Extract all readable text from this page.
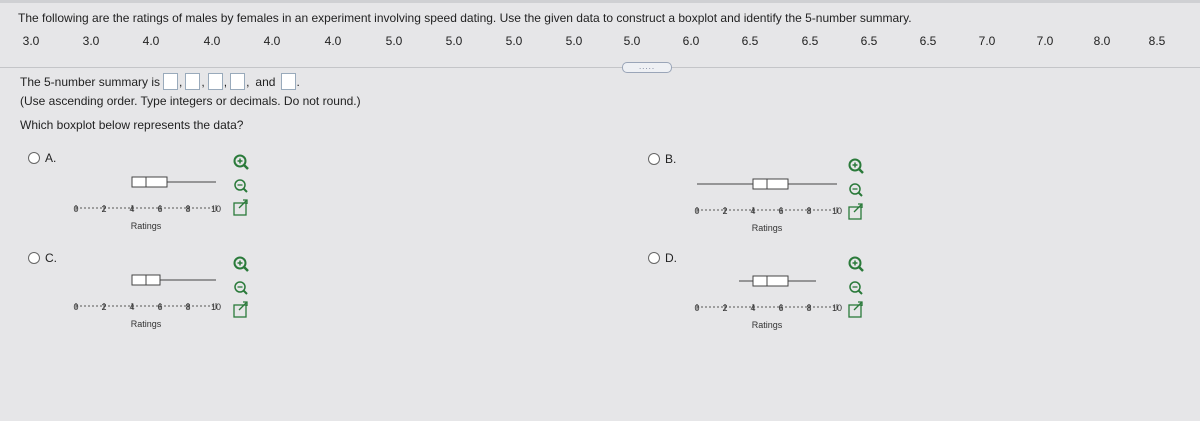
The following are the ratings of males by females in an experiment involving speed dating. Use the given data to construct a boxplot and identify the 5-number summary.
3.0	3.0	4.0	4.0	4.0	4.0	5.0	5.0	5.0	5.0	5.0	6.0	6.5	6.5	6.5	6.5	7.0	7.0	8.0	8.5
.....
The 5-number summary is , , , , and .
(Use ascending order. Type integers or decimals. Do not round.)
Which boxplot below represents the data?
A.	B.
C.	D.
0	2	4	6	8 10
Ratings
0	2	4	6	8 10
Ratings
0	2	4	6	8 10
Ratings
0	2	4	6	8 10
Ratings
